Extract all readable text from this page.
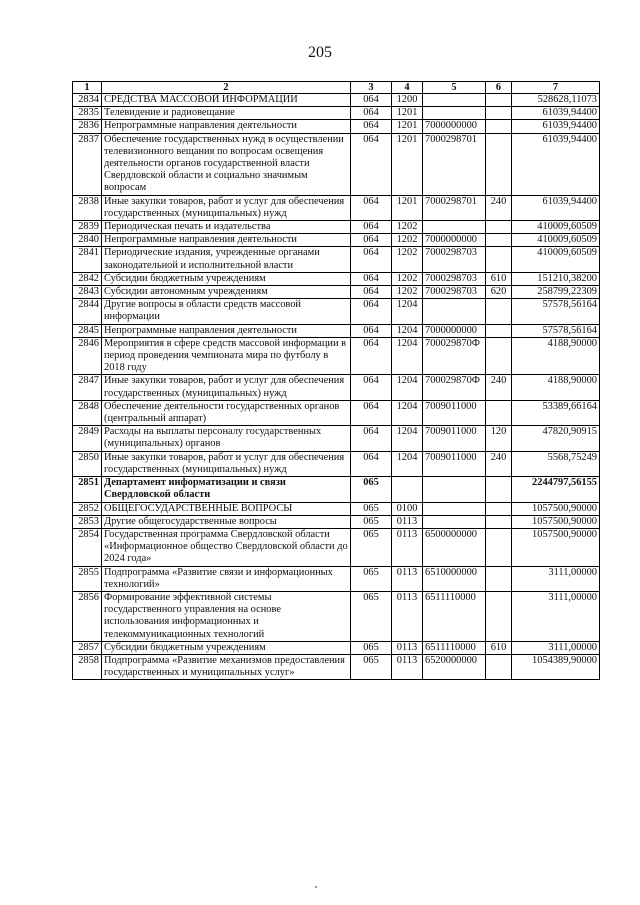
205
1	2	3	4	5	6	7
2834	СРЕДСТВА МАССОВОЙ ИНФОРМАЦИИ	064	1200			528628,11073
2835	Телевидение и радиовещание	064	1201			61039,94400
2836	Непрограммные направления деятельности	064	1201	7000000000		61039,94400
2837	Обеспечение государственных нужд в осуществлении телевизионного вещания по вопросам освещения деятельности органов государственной власти Свердловской области и социально значимым вопросам	064	1201	7000298701		61039,94400
2838	Иные закупки товаров, работ и услуг для обеспечения государственных (муниципальных) нужд	064	1201	7000298701	240	61039,94400
2839	Периодическая печать и издательства	064	1202			410009,60509
2840	Непрограммные направления деятельности	064	1202	7000000000		410009,60509
2841	Периодические издания, учрежденные органами законодательной и исполнительной власти	064	1202	7000298703		410009,60509
2842	Субсидии бюджетным учреждениям	064	1202	7000298703	610	151210,38200
2843	Субсидии автономным учреждениям	064	1202	7000298703	620	258799,22309
2844	Другие вопросы в области средств массовой информации	064	1204			57578,56164
2845	Непрограммные направления деятельности	064	1204	7000000000		57578,56164
2846	Мероприятия в сфере средств массовой информации в период проведения чемпионата мира по футболу в 2018 году	064	1204	700029870Ф		4188,90000
2847	Иные закупки товаров, работ и услуг для обеспечения государственных (муниципальных) нужд	064	1204	700029870Ф	240	4188,90000
2848	Обеспечение деятельности государственных органов (центральный аппарат)	064	1204	7009011000		53389,66164
2849	Расходы на выплаты персоналу государственных (муниципальных) органов	064	1204	7009011000	120	47820,90915
2850	Иные закупки товаров, работ и услуг для обеспечения государственных (муниципальных) нужд	064	1204	7009011000	240	5568,75249
2851	Департамент информатизации и связи Свердловской области	065				2244797,56155
2852	ОБЩЕГОСУДАРСТВЕННЫЕ ВОПРОСЫ	065	0100			1057500,90000
2853	Другие общегосударственные вопросы	065	0113			1057500,90000
2854	Государственная программа Свердловской области «Информационное общество Свердловской области до 2024 года»	065	0113	6500000000		1057500,90000
2855	Подпрограмма «Развитие связи и информационных технологий»	065	0113	6510000000		3111,00000
2856	Формирование эффективной системы государственного управления на основе использования информационных и телекоммуникационных технологий	065	0113	6511110000		3111,00000
2857	Субсидии бюджетным учреждениям	065	0113	6511110000	610	3111,00000
2858	Подпрограмма «Развитие механизмов предоставления государственных и муниципальных услуг»	065	0113	6520000000		1054389,90000
